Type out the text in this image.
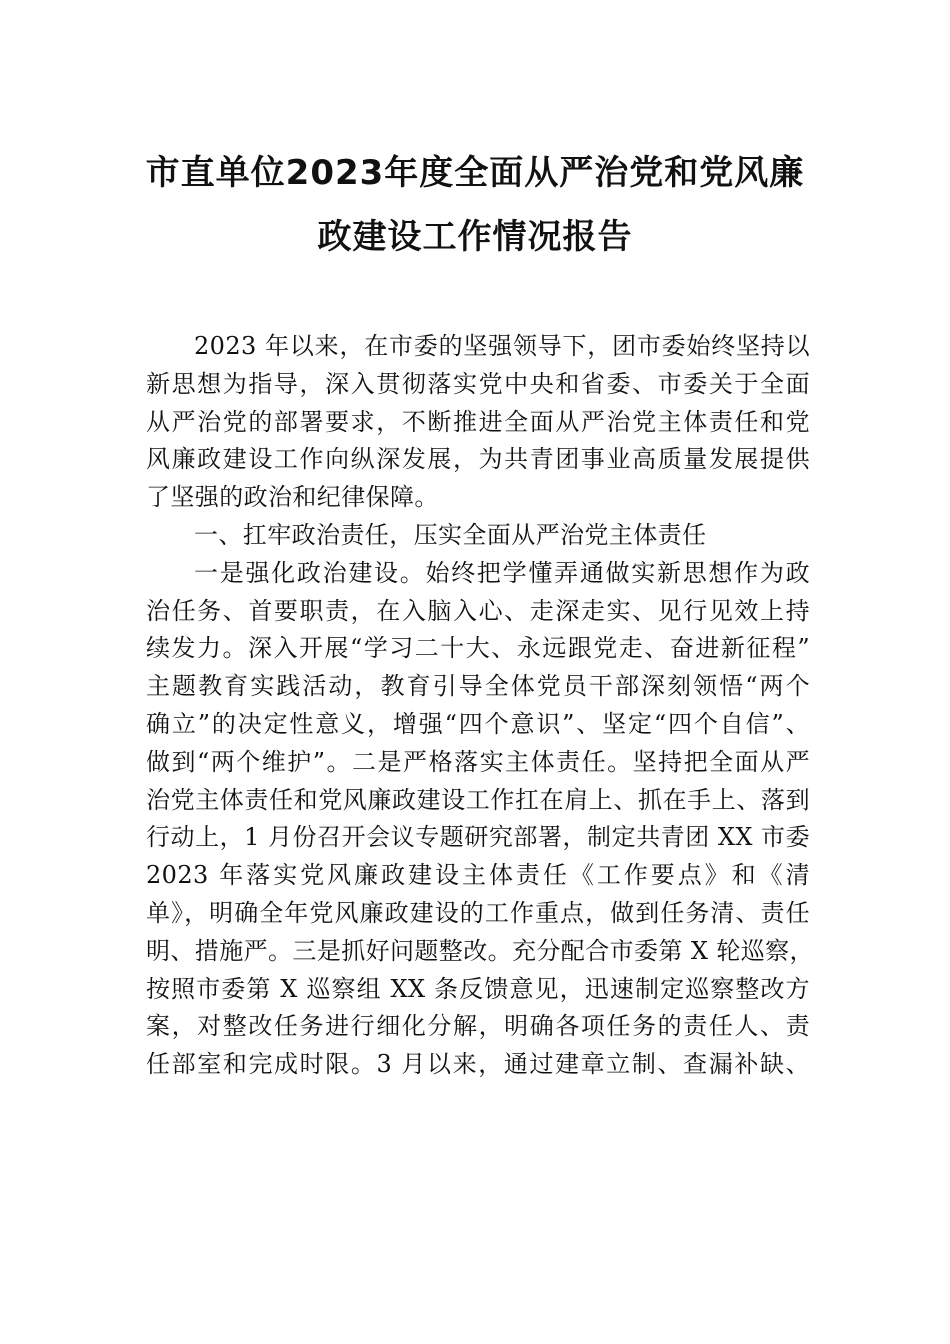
市直单位2023年度全面从严治党和党风廉
政建设工作情况报告
2023 年以来，在市委的坚强领导下，团市委始终坚持以
新思想为指导，深入贯彻落实党中央和省委、市委关于全面
从严治党的部署要求，不断推进全面从严治党主体责任和党
风廉政建设工作向纵深发展，为共青团事业高质量发展提供
了坚强的政治和纪律保障。
一、扛牢政治责任，压实全面从严治党主体责任
一是强化政治建设。始终把学懂弄通做实新思想作为政
治任务、首要职责，在入脑入心、走深走实、见行见效上持
续发力。深入开展“学习二十大、永远跟党走、奋进新征程”
主题教育实践活动，教育引导全体党员干部深刻领悟“两个
确立”的决定性意义，增强“四个意识”、坚定“四个自信”、
做到“两个维护”。二是严格落实主体责任。坚持把全面从严
治党主体责任和党风廉政建设工作扛在肩上、抓在手上、落到
行动上，1 月份召开会议专题研究部署，制定共青团 XX 市委
2023 年落实党风廉政建设主体责任《工作要点》和《清
单》，明确全年党风廉政建设的工作重点，做到任务清、责任
明、措施严。三是抓好问题整改。充分配合市委第 X 轮巡察，
按照市委第 X 巡察组 XX 条反馈意见，迅速制定巡察整改方
案，对整改任务进行细化分解，明确各项任务的责任人、责
任部室和完成时限。3 月以来，通过建章立制、查漏补缺、
